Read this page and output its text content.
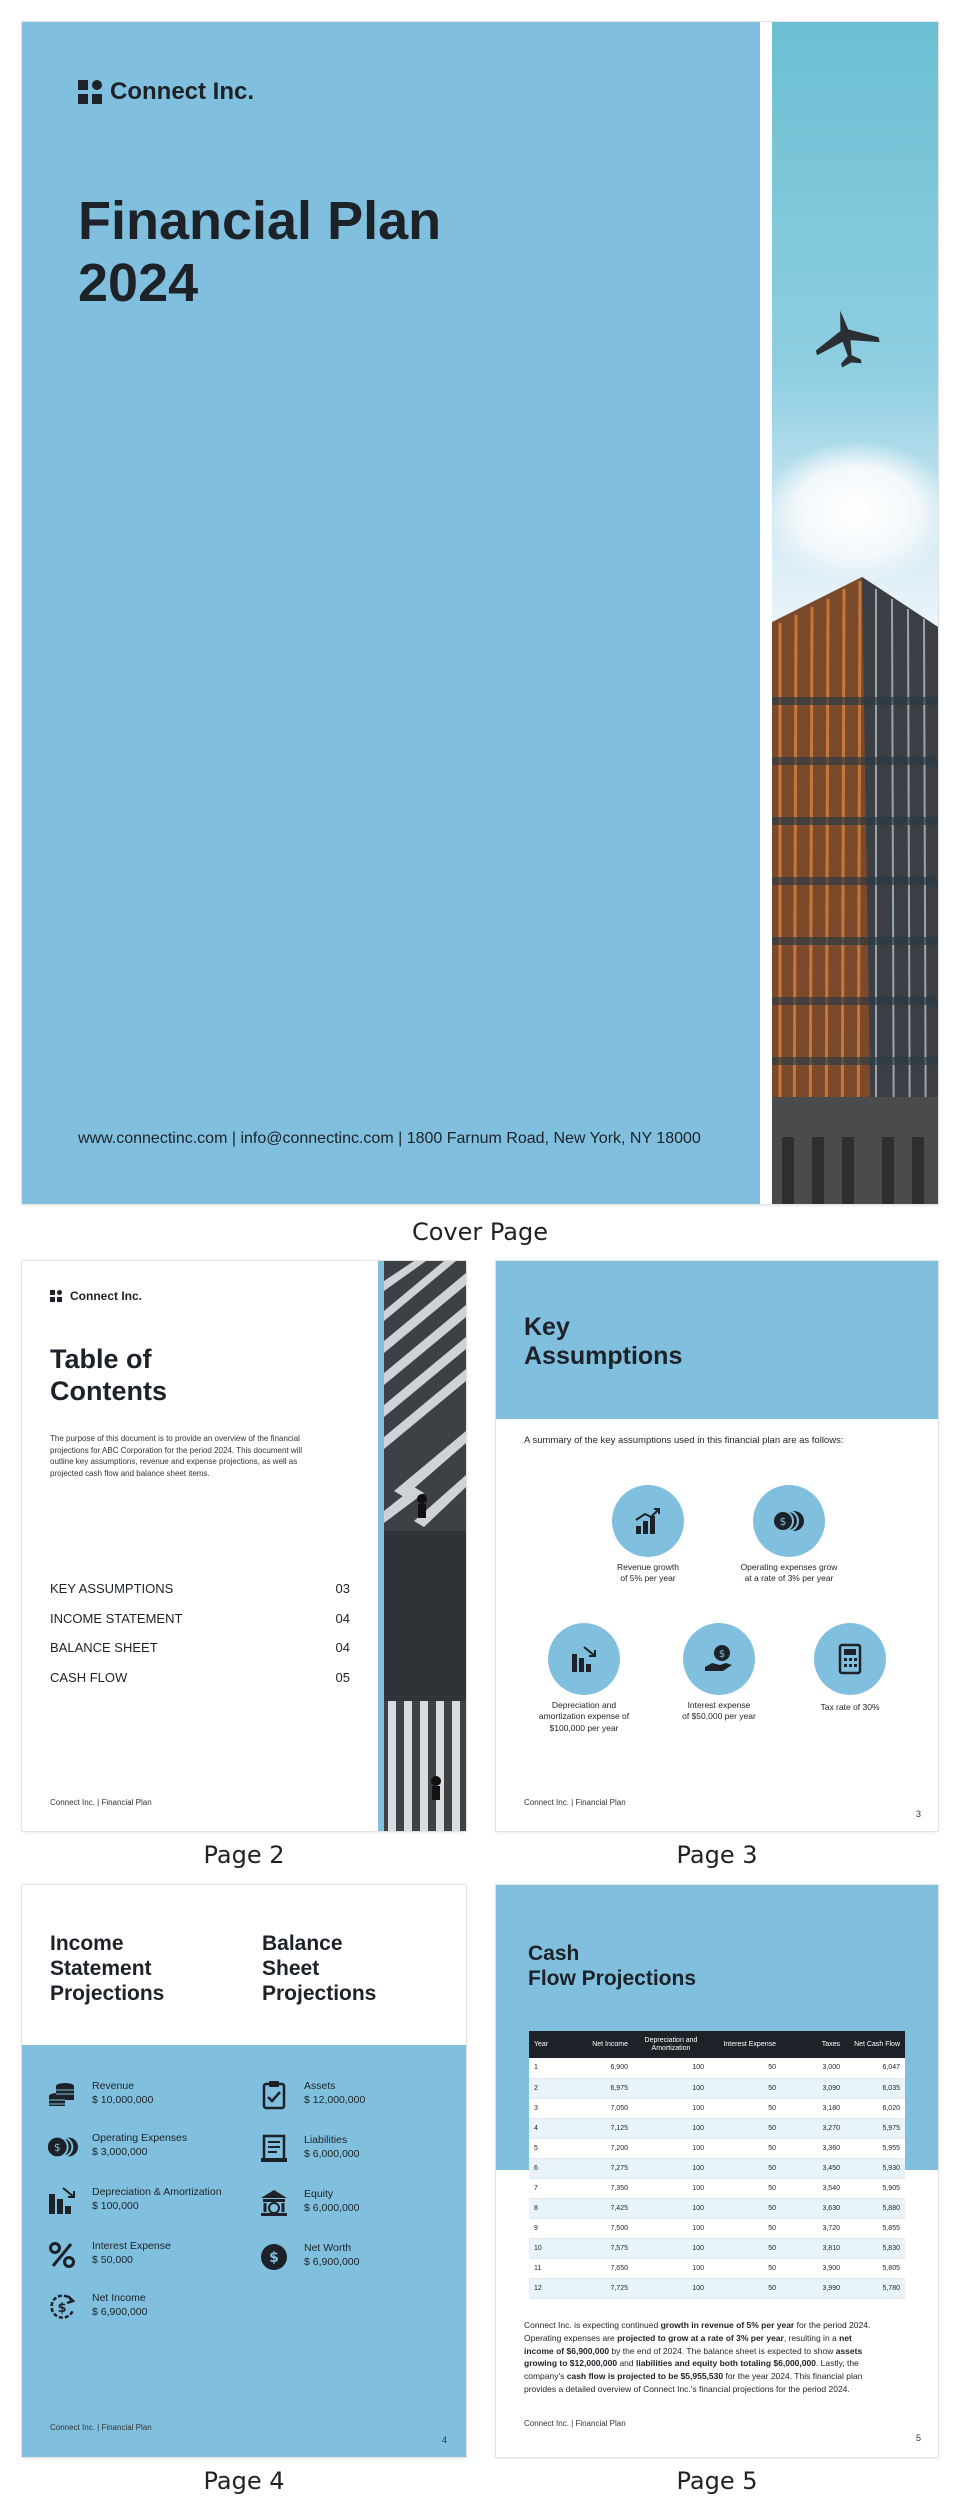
Connect Inc.
Financial Plan
2024
www.connectinc.com | info@connectinc.com | 1800 Farnum Road, New York, NY 18000
Cover Page
Connect Inc.
Table of
Contents

The purpose of this document is to provide an overview of the financial projections for ABC Corporation for the period 2024. This document will outline key assumptions, revenue and expense projections, as well as projected cash flow and balance sheet items.

KEY ASSUMPTIONS	03
INCOME STATEMENT	04
BALANCE SHEET	04
CASH FLOW	05
Connect Inc. | Financial Plan
Page 2
Key
Assumptions

A summary of the key assumptions used in this financial plan are as follows:

Revenue growth
of 5% per year
$
Operating expenses grow
at a rate of 3% per year
Depreciation and
amortization expense of
$100,000 per year
$
Interest expense
of $50,000 per year
Tax rate of 30%
Connect Inc. | Financial Plan
3
Page 3
Income
Statement
Projections
Balance
Sheet
Projections
Revenue
$ 10,000,000
$
Operating Expenses
$ 3,000,000
Depreciation & Amortization
$ 100,000
Interest Expense
$ 50,000
$
Net Income
$ 6,900,000
Assets
$ 12,000,000
Liabilities
$ 6,000,000
Equity
$ 6,000,000
$
Net Worth
$ 6,900,000
Connect Inc. | Financial Plan
4
Page 4
Cash
Flow Projections
Year	Net Income	Depreciation and Amortization	Interest Expense	Taxes	Net Cash Flow
1	6,900	100	50	3,000	6,047
2	6,975	100	50	3,090	6,035
3	7,050	100	50	3,180	6,020
4	7,125	100	50	3,270	5,975
5	7,200	100	50	3,360	5,955
6	7,275	100	50	3,450	5,930
7	7,350	100	50	3,540	5,905
8	7,425	100	50	3,630	5,880
9	7,500	100	50	3,720	5,855
10	7,575	100	50	3,810	5,830
11	7,650	100	50	3,900	5,805
12	7,725	100	50	3,990	5,780

Connect Inc. is expecting continued growth in revenue of 5% per year for the period 2024. Operating expenses are projected to grow at a rate of 3% per year, resulting in a net income of $6,900,000 by the end of 2024. The balance sheet is expected to show assets growing to $12,000,000 and liabilities and equity both totaling $6,000,000. Lastly, the company's cash flow is projected to be $5,955,530 for the year 2024. This financial plan provides a detailed overview of Connect Inc.'s financial projections for the period 2024.

Connect Inc. | Financial Plan
5
Page 5
